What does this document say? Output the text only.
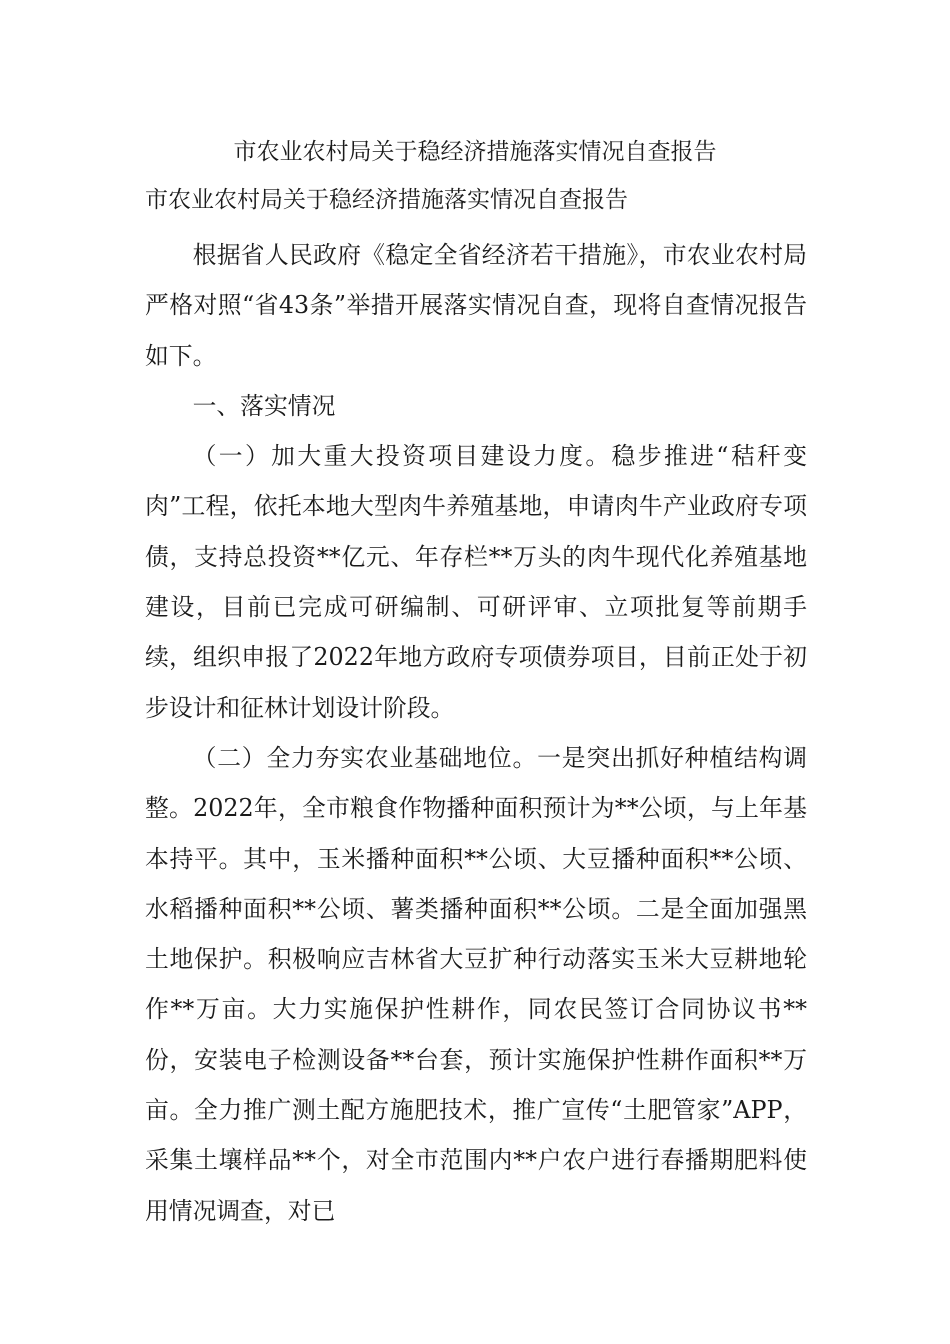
市农业农村局关于稳经济措施落实情况自查报告
市农业农村局关于稳经济措施落实情况自查报告

根据省人民政府《稳定全省经济若干措施》，市农业农村局严格对照“省43条”举措开展落实情况自查，现将自查情况报告如下。

一、落实情况

（一）加大重大投资项目建设力度。稳步推进“秸秆变肉”工程，依托本地大型肉牛养殖基地，申请肉牛产业政府专项债，支持总投资**亿元、年存栏**万头的肉牛现代化养殖基地建设，目前已完成可研编制、可研评审、立项批复等前期手续，组织申报了2022年地方政府专项债券项目，目前正处于初步设计和征林计划设计阶段。

（二）全力夯实农业基础地位。一是突出抓好种植结构调整。2022年，全市粮食作物播种面积预计为**公顷，与上年基本持平。其中，玉米播种面积**公顷、大豆播种面积**公顷、水稻播种面积**公顷、薯类播种面积**公顷。二是全面加强黑土地保护。积极响应吉林省大豆扩种行动落实玉米大豆耕地轮作**万亩。大力实施保护性耕作，同农民签订合同协议书**份，安装电子检测设备**台套，预计实施保护性耕作面积**万亩。全力推广测土配方施肥技术，推广宣传“土肥管家”APP，采集土壤样品**个，对全市范围内**户农户进行春播期肥料使用情况调查，对已
